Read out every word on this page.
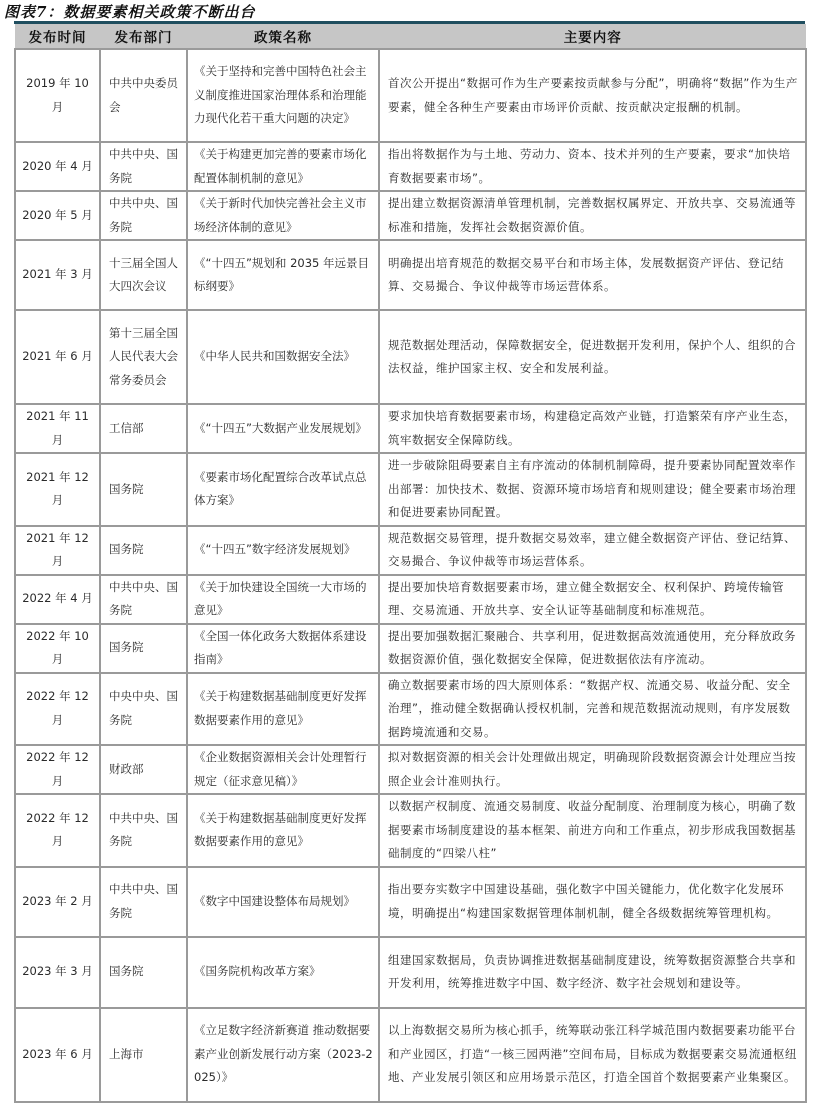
图表7：数据要素相关政策不断出台
发布时间	发布部门	政策名称	主要内容
2019 年 10 月	中共中央委员会	《关于坚持和完善中国特色社会主义制度推进国家治理体系和治理能力现代化若干重大问题的决定》	首次公开提出“数据可作为生产要素按贡献参与分配”，明确将“数据”作为生产要素，健全各种生产要素由市场评价贡献、按贡献决定报酬的机制。
2020 年 4 月	中共中央、国务院	《关于构建更加完善的要素市场化配置体制机制的意见》	指出将数据作为与土地、劳动力、资本、技术并列的生产要素，要求“加快培育数据要素市场”。
2020 年 5 月	中共中央、国务院	《关于新时代加快完善社会主义市场经济体制的意见》	提出建立数据资源清单管理机制，完善数据权属界定、开放共享、交易流通等标准和措施，发挥社会数据资源价值。
2021 年 3 月	十三届全国人大四次会议	《“十四五”规划和 2035 年远景目标纲要》	明确提出培育规范的数据交易平台和市场主体，发展数据资产评估、登记结算、交易撮合、争议仲裁等市场运营体系。
2021 年 6 月	第十三届全国人民代表大会常务委员会	《中华人民共和国数据安全法》	规范数据处理活动，保障数据安全，促进数据开发利用，保护个人、组织的合法权益，维护国家主权、安全和发展利益。
2021 年 11 月	工信部	《“十四五”大数据产业发展规划》	要求加快培育数据要素市场，构建稳定高效产业链，打造繁荣有序产业生态，筑牢数据安全保障防线。
2021 年 12 月	国务院	《要素市场化配置综合改革试点总体方案》	进一步破除阻碍要素自主有序流动的体制机制障碍，提升要素协同配置效率作出部署：加快技术、数据、资源环境市场培育和规则建设；健全要素市场治理和促进要素协同配置。
2021 年 12 月	国务院	《“十四五”数字经济发展规划》	规范数据交易管理，提升数据交易效率，建立健全数据资产评估、登记结算、交易撮合、争议仲裁等市场运营体系。
2022 年 4 月	中共中央、国务院	《关于加快建设全国统一大市场的意见》	提出要加快培育数据要素市场，建立健全数据安全、权利保护、跨境传输管理、交易流通、开放共享、安全认证等基础制度和标准规范。
2022 年 10 月	国务院	《全国一体化政务大数据体系建设指南》	提出要加强数据汇聚融合、共享利用，促进数据高效流通使用，充分释放政务数据资源价值，强化数据安全保障，促进数据依法有序流动。
2022 年 12 月	中央中央、国务院	《关于构建数据基础制度更好发挥数据要素作用的意见》	确立数据要素市场的四大原则体系：“数据产权、流通交易、收益分配、安全治理”，推动健全数据确认授权机制，完善和规范数据流动规则，有序发展数据跨境流通和交易。
2022 年 12 月	财政部	《企业数据资源相关会计处理暂行规定（征求意见稿）》	拟对数据资源的相关会计处理做出规定，明确现阶段数据资源会计处理应当按照企业会计准则执行。
2022 年 12 月	中共中央、国务院	《关于构建数据基础制度更好发挥数据要素作用的意见》	以数据产权制度、流通交易制度、收益分配制度、治理制度为核心，明确了数据要素市场制度建设的基本框架、前进方向和工作重点，初步形成我国数据基础制度的“四梁八柱”
2023 年 2 月	中共中央、国务院	《数字中国建设整体布局规划》	指出要夯实数字中国建设基础，强化数字中国关键能力，优化数字化发展环境，明确提出“构建国家数据管理体制机制，健全各级数据统筹管理机构。
2023 年 3 月	国务院	《国务院机构改革方案》	组建国家数据局，负责协调推进数据基础制度建设，统筹数据资源整合共享和开发利用，统筹推进数字中国、数字经济、数字社会规划和建设等。
2023 年 6 月	上海市	《立足数字经济新赛道 推动数据要素产业创新发展行动方案（2023-2025）》	以上海数据交易所为核心抓手，统筹联动张江科学城范围内数据要素功能平台和产业园区，打造“一核三园两港”空间布局，目标成为数据要素交易流通枢纽地、产业发展引领区和应用场景示范区，打造全国首个数据要素产业集聚区。
